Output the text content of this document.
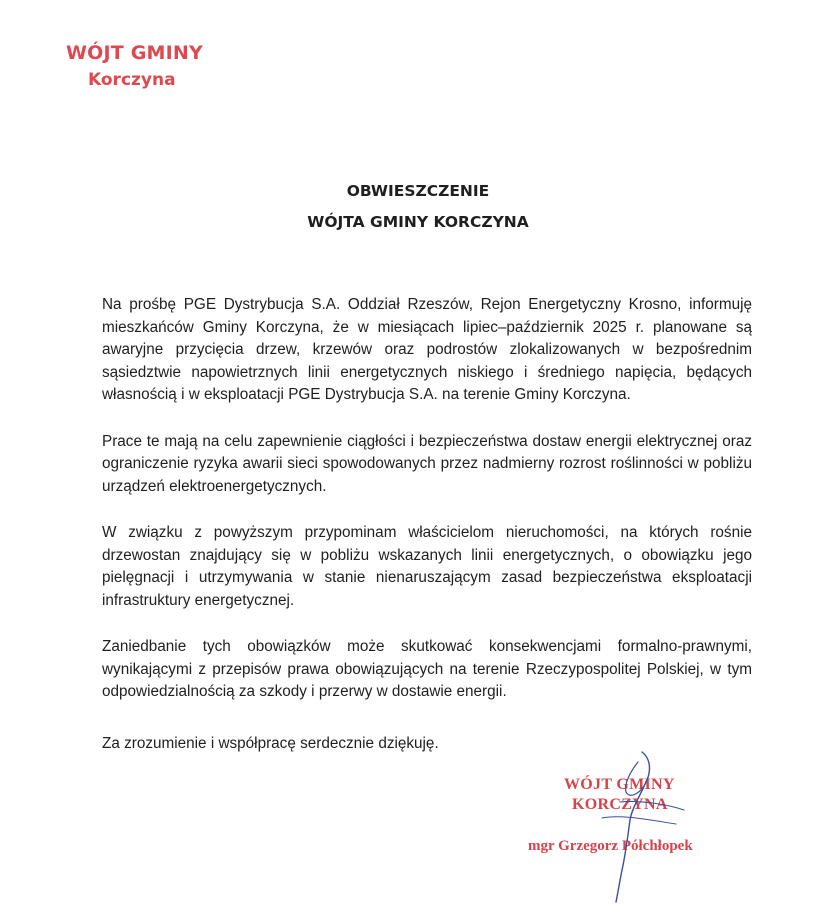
WÓJT GMINY
Korczyna
OBWIESZCZENIE
WÓJTA GMINY KORCZYNA

Na prośbę PGE Dystrybucja S.A. Oddział Rzeszów, Rejon Energetyczny Krosno, informuję mieszkańców Gminy Korczyna, że w miesiącach lipiec–październik 2025 r. planowane są awaryjne przycięcia drzew, krzewów oraz podrostów zlokalizowanych w bezpośrednim sąsiedztwie napowietrznych linii energetycznych niskiego i średniego napięcia, będących własnością i w eksploatacji PGE Dystrybucja S.A. na terenie Gminy Korczyna.

Prace te mają na celu zapewnienie ciągłości i bezpieczeństwa dostaw energii elektrycznej oraz ograniczenie ryzyka awarii sieci spowodowanych przez nadmierny rozrost roślinności w pobliżu urządzeń elektroenergetycznych.

W związku z powyższym przypominam właścicielom nieruchomości, na których rośnie drzewostan znajdujący się w pobliżu wskazanych linii energetycznych, o obowiązku jego pielęgnacji i utrzymywania w stanie nienaruszającym zasad bezpieczeństwa eksploatacji infrastruktury energetycznej.

Zaniedbanie tych obowiązków może skutkować konsekwencjami formalno-prawnymi, wynikającymi z przepisów prawa obowiązujących na terenie Rzeczypospolitej Polskiej, w tym odpowiedzialnością za szkody i przerwy w dostawie energii.

Za zrozumienie i współpracę serdecznie dziękuję.
WÓJT GMINY
KORCZYNA
mgr Grzegorz Półchłopek
